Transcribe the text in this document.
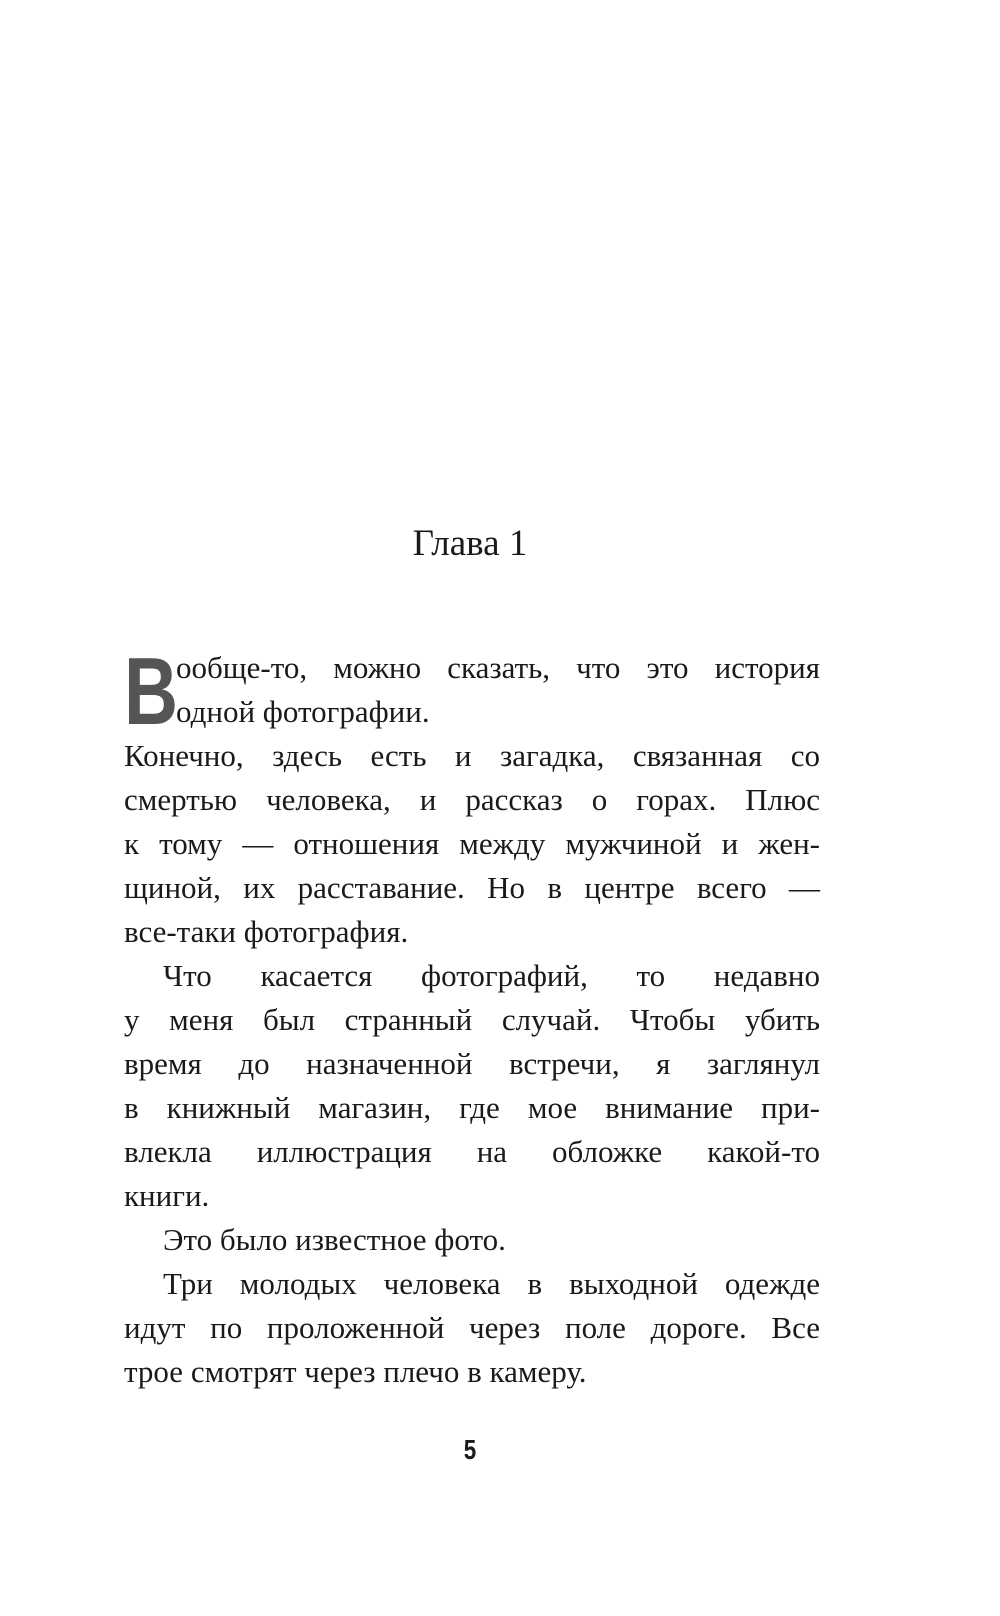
Глава 1
В
ообще-то, можно сказать, что это история
одной фотографии.
Конечно, здесь есть и загадка, связанная со
смертью человека, и рассказ о горах. Плюс
к тому — отношения между мужчиной и жен-
щиной, их расставание. Но в центре всего —
все-таки фотография.
Что касается фотографий, то недавно
у меня был странный случай. Чтобы убить
время до назначенной встречи, я заглянул
в книжный магазин, где мое внимание при-
влекла иллюстрация на обложке какой-то
книги.
Это было известное фото.
Три молодых человека в выходной одежде
идут по проложенной через поле дороге. Все
трое смотрят через плечо в камеру.
5
